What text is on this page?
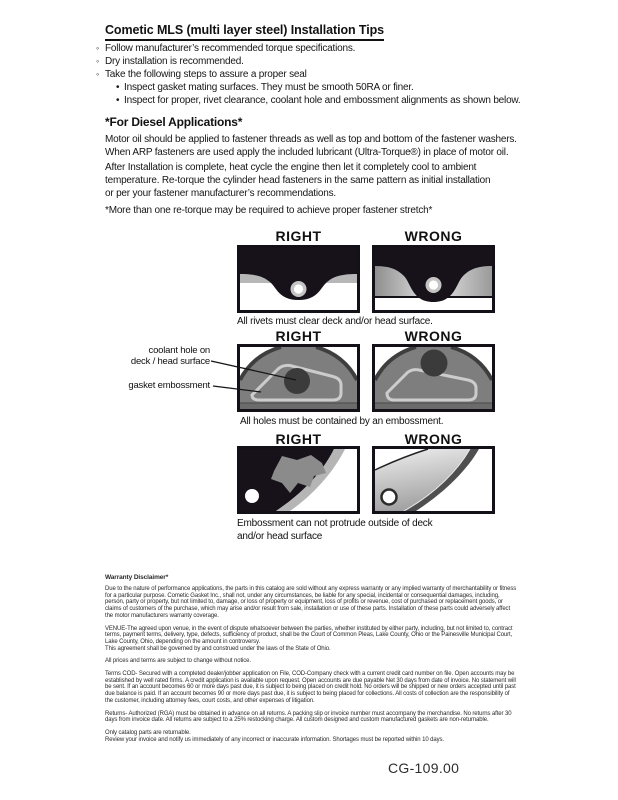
Cometic MLS (multi layer steel) Installation Tips
◦ Follow manufacturer’s recommended torque specifications.
◦ Dry installation is recommended.
◦ Take the following steps to assure a proper seal
• Inspect gasket mating surfaces. They must be smooth 50RA or finer.
• Inspect for proper, rivet clearance, coolant hole and embossment alignments as shown below.
*For Diesel Applications*
Motor oil should be applied to fastener threads as well as top and bottom of the fastener washers.
When ARP fasteners are used apply the included lubricant (Ultra-Torque®) in place of motor oil.
After Installation is complete, heat cycle the engine then let it completely cool to ambient
temperature. Re-torque the cylinder head fasteners in the same pattern as initial installation
or per your fastener manufacturer’s recommendations.
*More than one re-torque may be required to achieve proper fastener stretch*
RIGHT	WRONG
All rivets must clear deck and/or head surface.
RIGHT	WRONG
coolant hole on
deck / head surface
gasket embossment
All holes must be contained by an embossment.
RIGHT	WRONG
Embossment can not protrude outside of deck
and/or head surface
Warranty Disclaimer*

Due to the nature of performance applications, the parts in this catalog are sold without any express warranty or any implied warranty of merchantability or fitness for a particular purpose. Cometic Gasket Inc., shall not, under any circumstances, be liable for any special, incidental or consequential damages, including, person, party or property, but not limited to, damage, or loss of property or equipment, loss of profits or revenue, cost of purchased or replacement goods, or claims of customers of the purchase, which may arise and/or result from sale, installation or use of these parts. Installation of these parts could adversely affect the motor manufacturers warranty coverage.

VENUE-The agreed upon venue, in the event of dispute whatsoever between the parties, whether instituted by either party, including, but not limited to, contract terms, payment terms, delivery, type, defects, sufficiency of product, shall be the Court of Common Pleas, Lake County, Ohio or the Painesville Municipal Court, Lake County, Ohio, depending on the amount in controversy.

This agreement shall be governed by and construed under the laws of the State of Ohio.

All prices and terms are subject to change without notice.

Terms COD- Secured with a completed dealer/jobber application on File, COD-Company check with a current credit card number on file. Open accounts may be established by well rated firms. A credit application is available upon request. Open accounts are due payable Net 30 days from date of invoice. No statement will be sent. If an account becomes 60 or more days past due, it is subject to being placed on credit hold. No orders will be shipped or new orders accepted until past due balance is paid. If an account becomes 90 or more days past due, it is subject to being placed for collections. All costs of collection are the responsibility of the customer, including attorney fees, court costs, and other expenses of litigation.

Returns- Authorized (RGA) must be obtained in advance on all returns. A packing slip or invoice number must accompany the merchandise. No returns after 30 days from invoice date. All returns are subject to a 25% restocking charge. All custom designed and custom manufactured gaskets are non-returnable.

Only catalog parts are returnable.

Review your invoice and notify us immediately of any incorrect or inaccurate information. Shortages must be reported within 10 days.

CG-109.00
